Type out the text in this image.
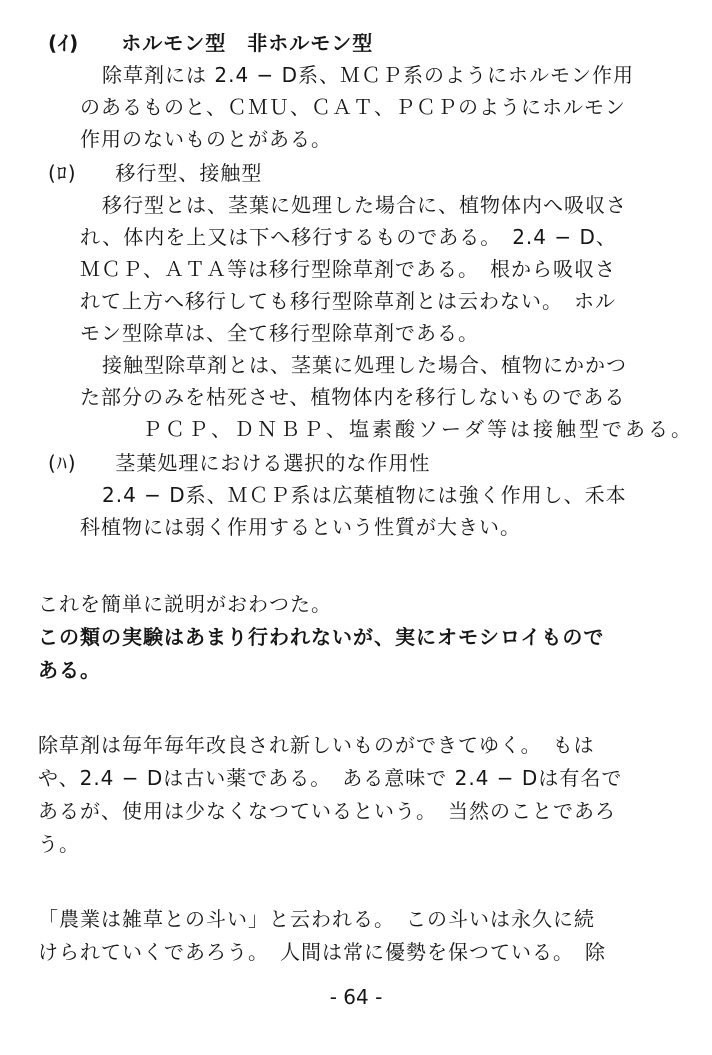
(ｲ) ホルモン型　非ホルモン型
除草剤には 2.4 − D系、ＭＣＰ系のようにホルモン作用
のあるものと、ＣＭＵ、ＣＡＴ、ＰＣＰのようにホルモン
作用のないものとがある。
(ﾛ) 移行型、接触型
移行型とは、茎葉に処理した場合に、植物体内へ吸収さ
れ、体内を上又は下へ移行するものである。　2.4 − D、
ＭＣＰ、ＡＴＡ等は移行型除草剤である。　根から吸収さ
れて上方へ移行しても移行型除草剤とは云わない。　ホル
モン型除草は、全て移行型除草剤である。
接触型除草剤とは、茎葉に処理した場合、植物にかかつ
た部分のみを枯死させ、植物体内を移行しないものである
ＰＣＰ、ＤＮＢＰ、塩素酸ソーダ等は接触型である。
(ﾊ) 茎葉処理における選択的な作用性
2.4 − D系、ＭＣＰ系は広葉植物には強く作用し、禾本
科植物には弱く作用するという性質が大きい。
これを簡単に説明がおわつた。
この類の実験はあまり行われないが、実にオモシロイもので
ある。
除草剤は毎年毎年改良され新しいものができてゆく。　もは
や、2.4 − Dは古い薬である。　ある意味で 2.4 − Dは有名で
あるが、使用は少なくなつているという。　当然のことであろ
う。
「農業は雑草との斗い」と云われる。　この斗いは永久に続
けられていくであろう。　人間は常に優勢を保つている。　除
- 64 -
